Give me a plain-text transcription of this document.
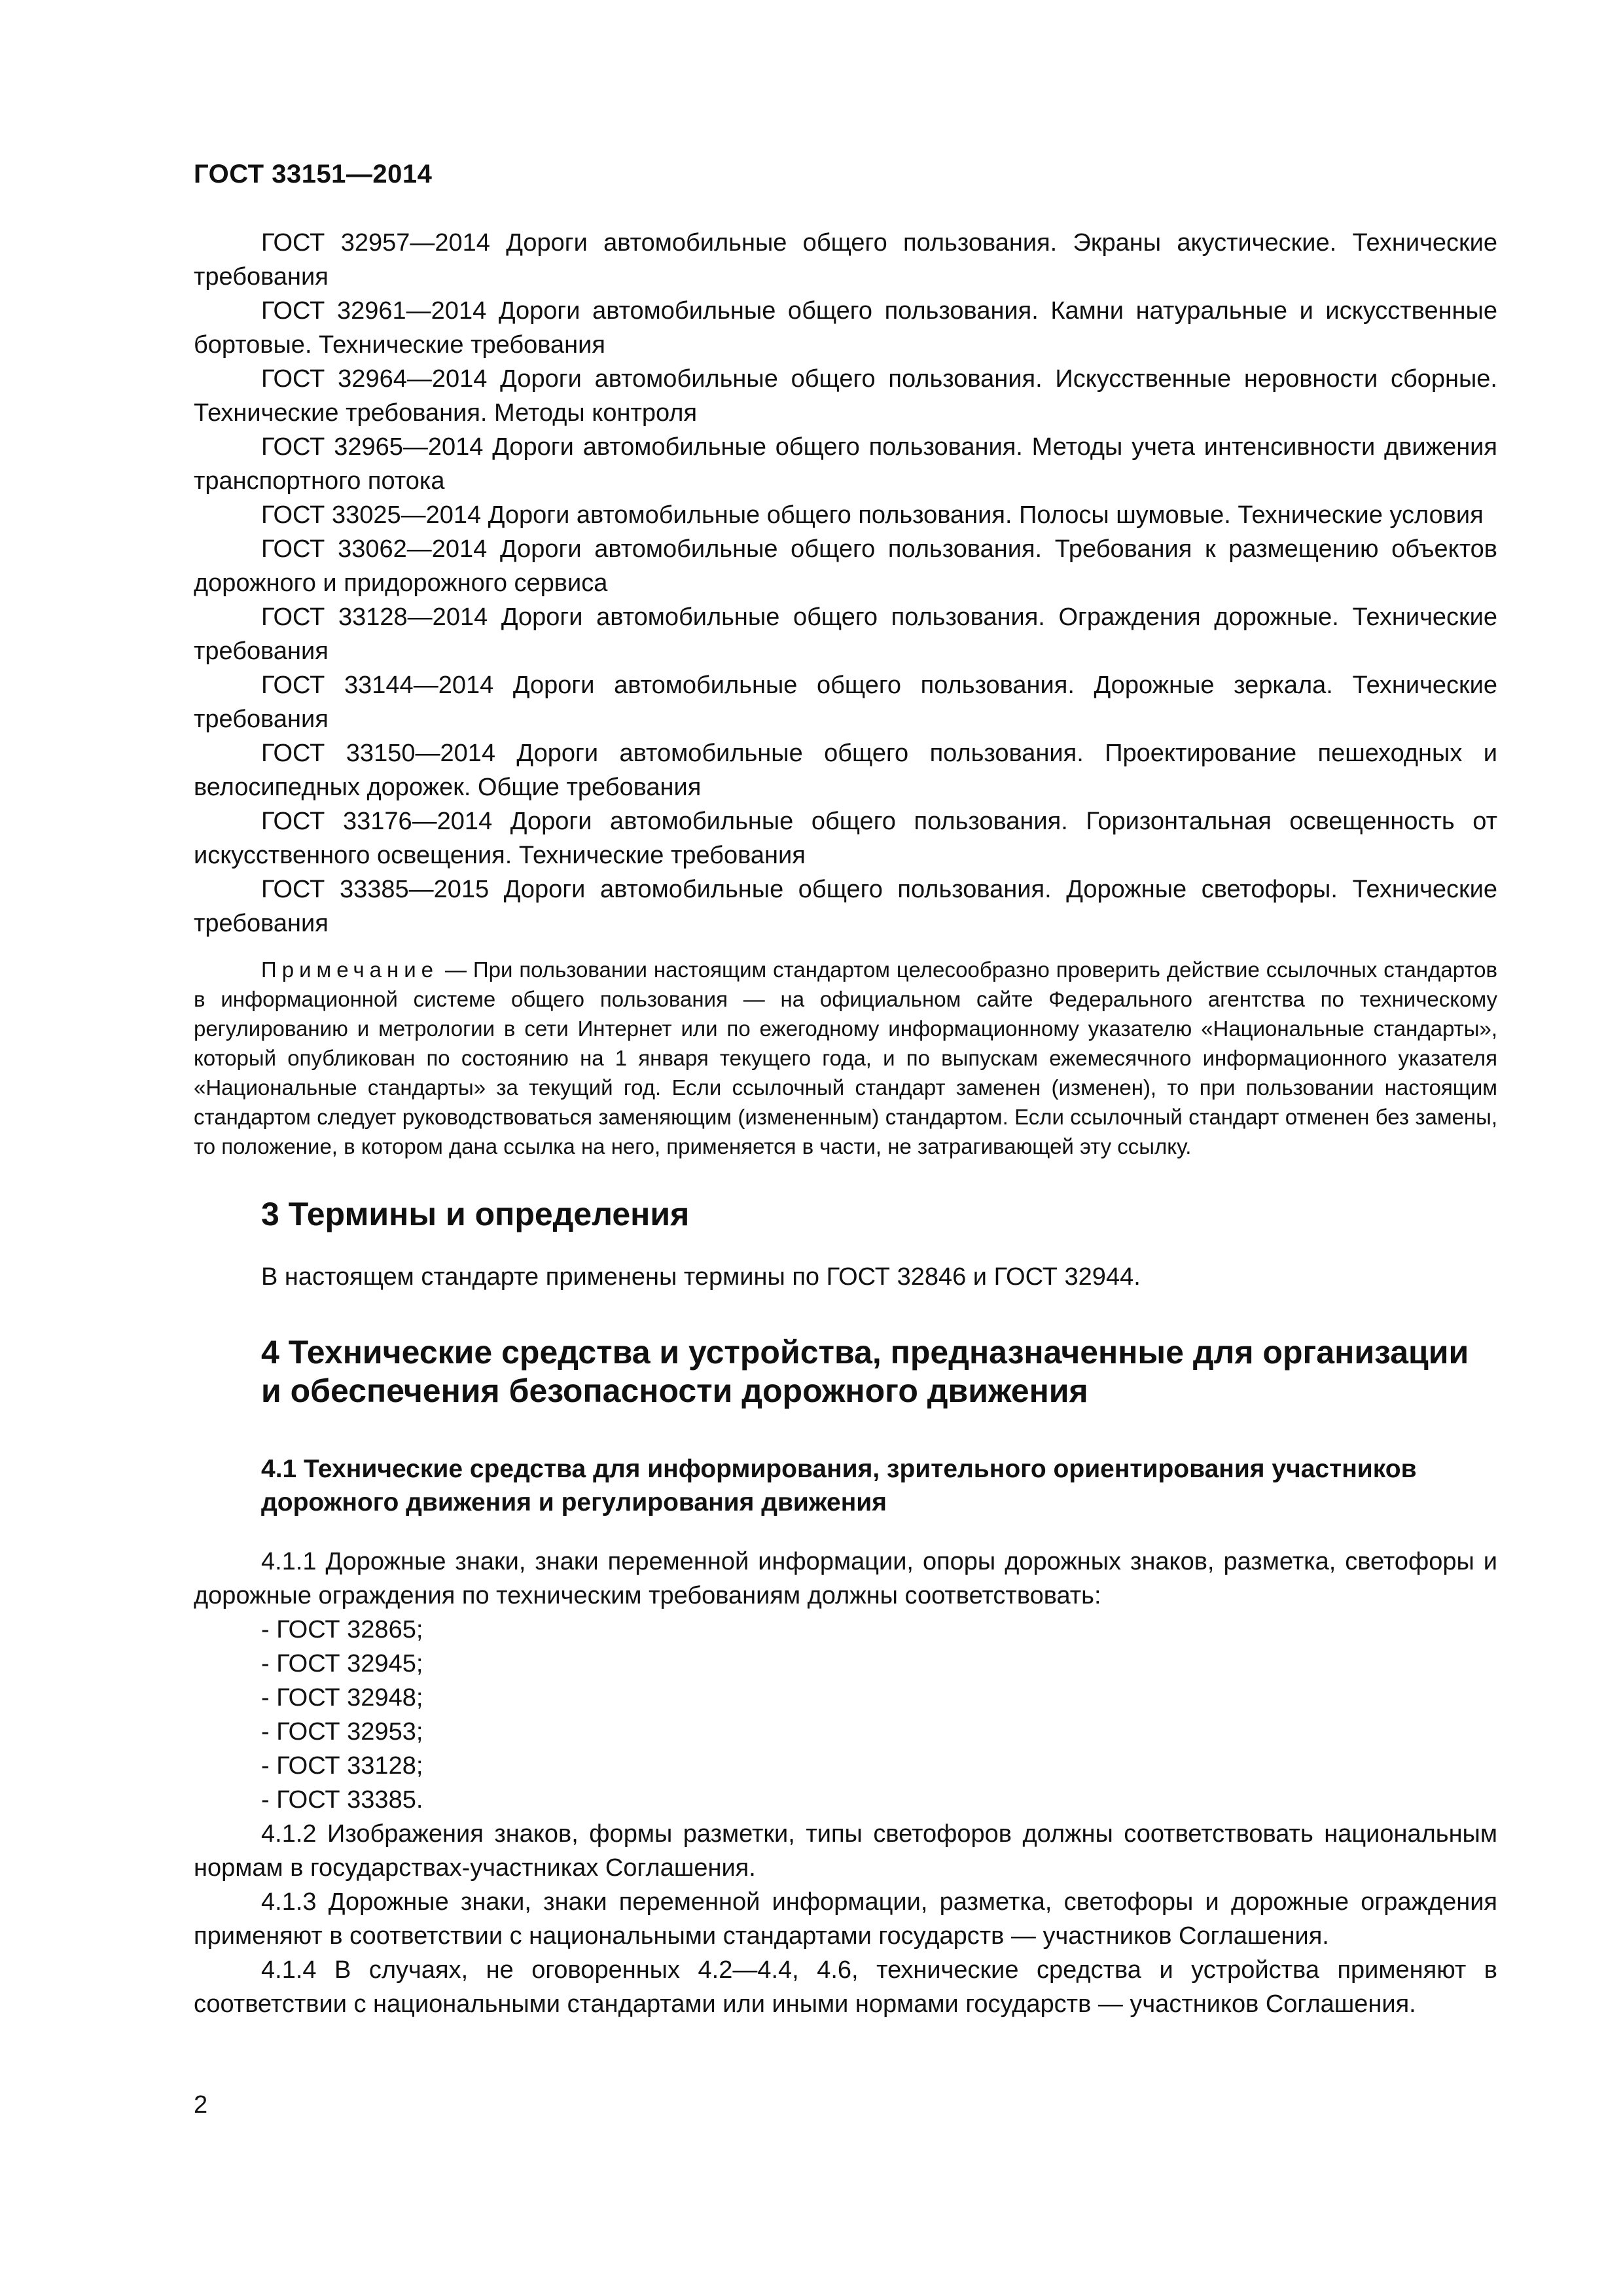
ГОСТ 33151—2014

ГОСТ 32957—2014 Дороги автомобильные общего пользования. Экраны акустические. Технические требования

ГОСТ 32961—2014 Дороги автомобильные общего пользования. Камни натуральные и искусственные бортовые. Технические требования

ГОСТ 32964—2014 Дороги автомобильные общего пользования. Искусственные неровности сборные. Технические требования. Методы контроля

ГОСТ 32965—2014 Дороги автомобильные общего пользования. Методы учета интенсивности движения транспортного потока

ГОСТ 33025—2014 Дороги автомобильные общего пользования. Полосы шумовые. Технические условия

ГОСТ 33062—2014 Дороги автомобильные общего пользования. Требования к размещению объектов дорожного и придорожного сервиса

ГОСТ 33128—2014 Дороги автомобильные общего пользования. Ограждения дорожные. Технические требования

ГОСТ 33144—2014 Дороги автомобильные общего пользования. Дорожные зеркала. Технические требования

ГОСТ 33150—2014 Дороги автомобильные общего пользования. Проектирование пешеходных и велосипедных дорожек. Общие требования

ГОСТ 33176—2014 Дороги автомобильные общего пользования. Горизонтальная освещенность от искусственного освещения. Технические требования

ГОСТ 33385—2015 Дороги автомобильные общего пользования. Дорожные светофоры. Технические требования

Примечание — При пользовании настоящим стандартом целесообразно проверить действие ссылочных стандартов в информационной системе общего пользования — на официальном сайте Федерального агентства по техническому регулированию и метрологии в сети Интернет или по ежегодному информационному указателю «Национальные стандарты», который опубликован по состоянию на 1 января текущего года, и по выпускам ежемесячного информационного указателя «Национальные стандарты» за текущий год. Если ссылочный стандарт заменен (изменен), то при пользовании настоящим стандартом следует руководствоваться заменяющим (измененным) стандартом. Если ссылочный стандарт отменен без замены, то положение, в котором дана ссылка на него, применяется в части, не затрагивающей эту ссылку.

3 Термины и определения

В настоящем стандарте применены термины по ГОСТ 32846 и ГОСТ 32944.

4 Технические средства и устройства, предназначенные для организации и обеспечения безопасности дорожного движения

4.1 Технические средства для информирования, зрительного ориентирования участников дорожного движения и регулирования движения

4.1.1 Дорожные знаки, знаки переменной информации, опоры дорожных знаков, разметка, светофоры и дорожные ограждения по техническим требованиям должны соответствовать:

- ГОСТ 32865;
- ГОСТ 32945;
- ГОСТ 32948;
- ГОСТ 32953;
- ГОСТ 33128;
- ГОСТ 33385.

4.1.2 Изображения знаков, формы разметки, типы светофоров должны соответствовать национальным нормам в государствах-участниках Соглашения.

4.1.3 Дорожные знаки, знаки переменной информации, разметка, светофоры и дорожные ограждения применяют в соответствии с национальными стандартами государств — участников Соглашения.

4.1.4 В случаях, не оговоренных 4.2—4.4, 4.6, технические средства и устройства применяют в соответствии с национальными стандартами или иными нормами государств — участников Соглашения.

2
